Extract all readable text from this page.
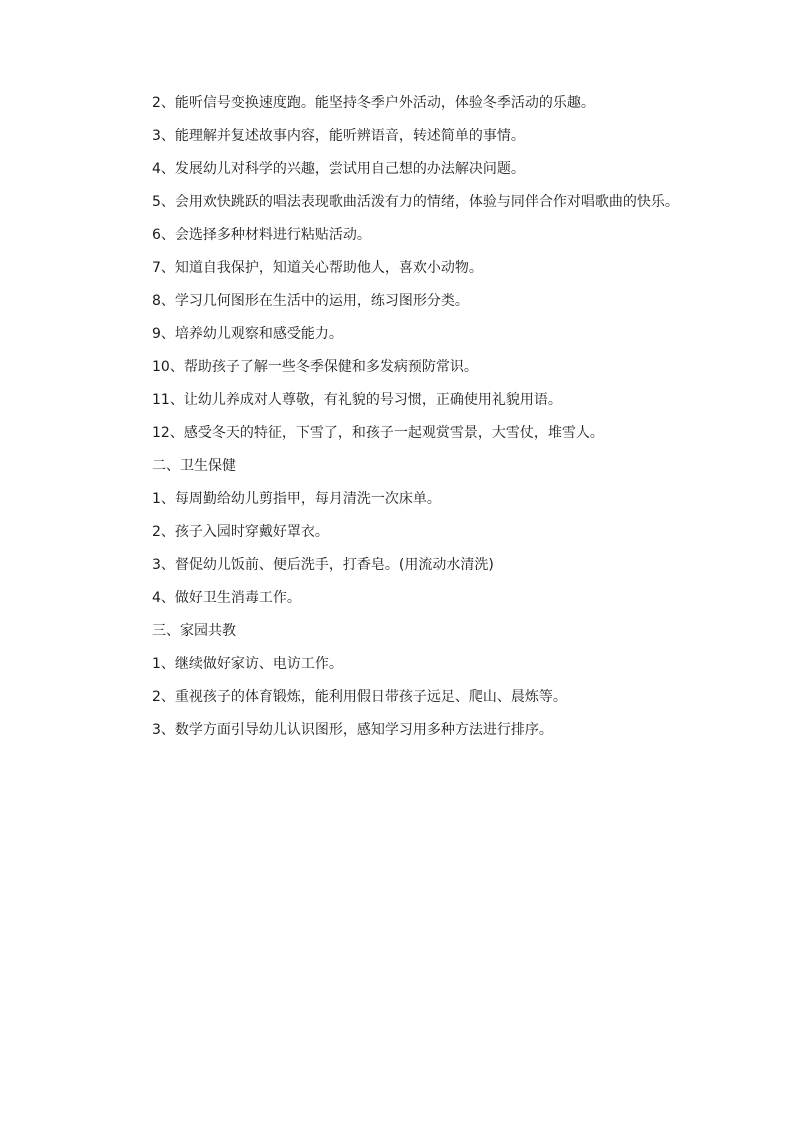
2、能听信号变换速度跑。能坚持冬季户外活动，体验冬季活动的乐趣。

3、能理解并复述故事内容，能听辨语音，转述简单的事情。

4、发展幼儿对科学的兴趣，尝试用自己想的办法解决问题。

5、会用欢快跳跃的唱法表现歌曲活泼有力的情绪，体验与同伴合作对唱歌曲的快乐。

6、会选择多种材料进行粘贴活动。

7、知道自我保护，知道关心帮助他人，喜欢小动物。

8、学习几何图形在生活中的运用，练习图形分类。

9、培养幼儿观察和感受能力。

10、帮助孩子了解一些冬季保健和多发病预防常识。

11、让幼儿养成对人尊敬，有礼貌的号习惯，正确使用礼貌用语。

12、感受冬天的特征，下雪了，和孩子一起观赏雪景，大雪仗，堆雪人。

二、卫生保健

1、每周勤给幼儿剪指甲，每月清洗一次床单。

2、孩子入园时穿戴好罩衣。

3、督促幼儿饭前、便后洗手，打香皂。(用流动水清洗)

4、做好卫生消毒工作。

三、家园共教

1、继续做好家访、电访工作。

2、重视孩子的体育锻炼，能利用假日带孩子远足、爬山、晨炼等。

3、数学方面引导幼儿认识图形，感知学习用多种方法进行排序。
